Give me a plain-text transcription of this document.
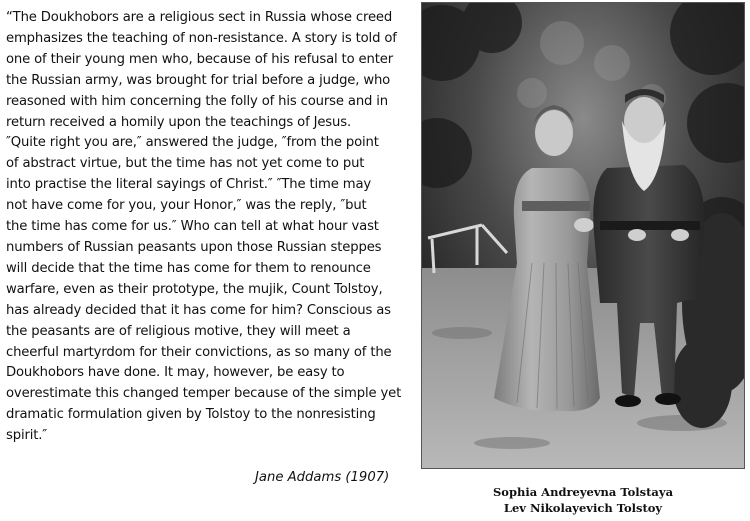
“The Doukhobors are a religious sect in Russia whose creed
emphasizes the teaching of non-resistance. A story is told of
one of their young men who, because of his refusal to enter
the Russian army, was brought for trial before a judge, who
reasoned with him concerning the folly of his course and in
return received a homily upon the teachings of Jesus.
″Quite right you are,″ answered the judge, ″from the point
of abstract virtue, but the time has not yet come to put
into practise the literal sayings of Christ.″ ″The time may
not have come for you, your Honor,″ was the reply, ″but
the time has come for us.″ Who can tell at what hour vast
numbers of Russian peasants upon those Russian steppes
will decide that the time has come for them to renounce
warfare, even as their prototype, the mujik, Count Tolstoy,
has already decided that it has come for him? Conscious as
the peasants are of religious motive, they will meet a
cheerful martyrdom for their convictions, as so many of the
Doukhobors have done. It may, however, be easy to
overestimate this changed temper because of the simple yet
dramatic formulation given by Tolstoy to the nonresisting
spirit.″
Jane Addams (1907)
Sophia Andreyevna Tolstaya
Lev Nikolayevich Tolstoy
